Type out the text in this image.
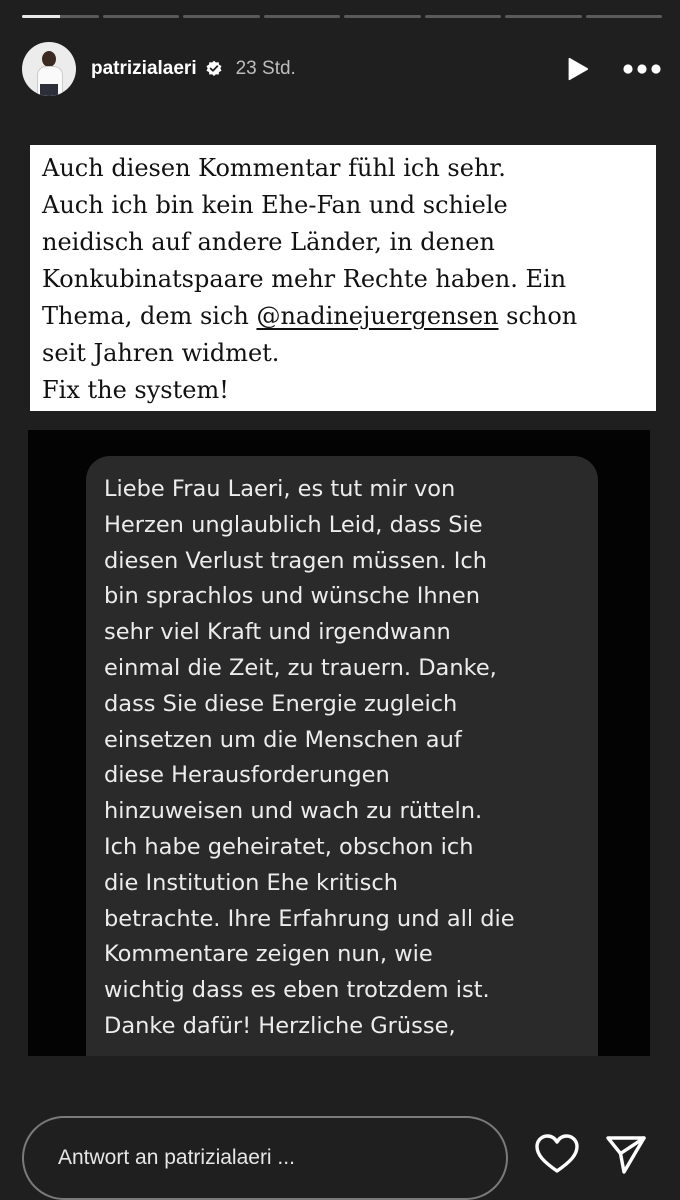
patrizialaeri 23 Std.
Auch diesen Kommentar fühl ich sehr.
Auch ich bin kein Ehe-Fan und schiele
neidisch auf andere Länder, in denen
Konkubinatspaare mehr Rechte haben. Ein
Thema, dem sich @nadinejuergensen schon
seit Jahren widmet.
Fix the system!
Liebe Frau Laeri, es tut mir von
Herzen unglaublich Leid, dass Sie
diesen Verlust tragen müssen. Ich
bin sprachlos und wünsche Ihnen
sehr viel Kraft und irgendwann
einmal die Zeit, zu trauern. Danke,
dass Sie diese Energie zugleich
einsetzen um die Menschen auf
diese Herausforderungen
hinzuweisen und wach zu rütteln.
Ich habe geheiratet, obschon ich
die Institution Ehe kritisch
betrachte. Ihre Erfahrung und all die
Kommentare zeigen nun, wie
wichtig dass es eben trotzdem ist.
Danke dafür! Herzliche Grüsse,
Antwort an patrizialaeri ...
